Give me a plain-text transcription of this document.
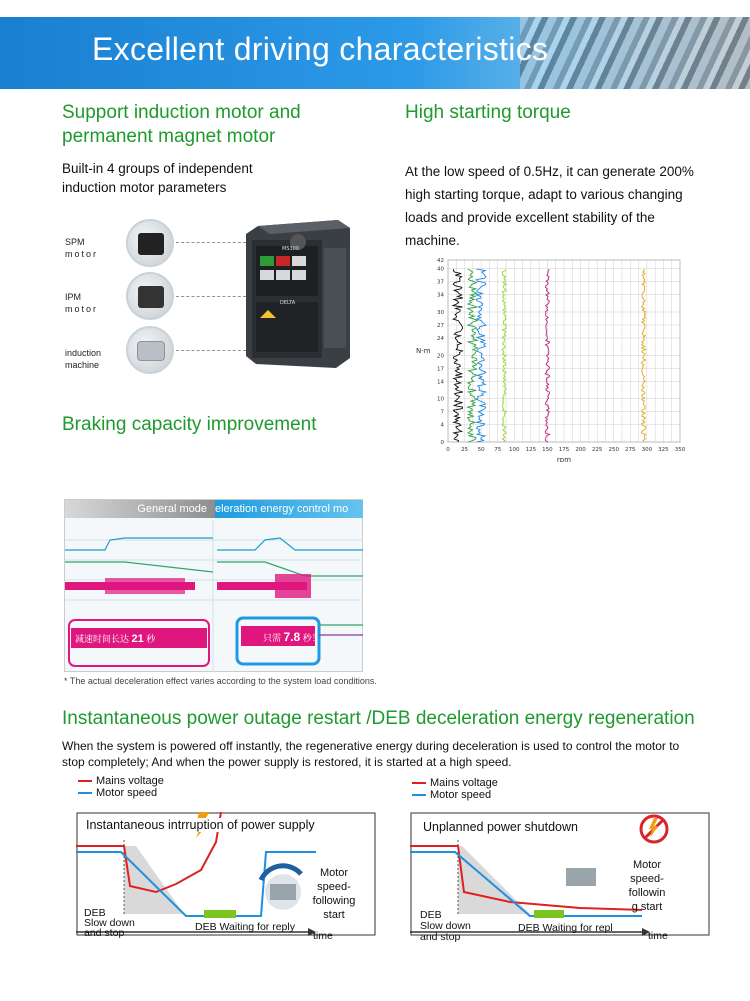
Excellent driving characteristics
Support induction motor and
permanent magnet motor
Built-in 4 groups of independent
induction motor parameters
SPM
motor
IPM
motor
induction
machine
DELTA
MS300
High starting torque
At the low speed of 0.5Hz, it can generate 200%
high starting torque, adapt to various changing
loads and provide excellent stability of the
machine.
0
4
7
10
14
17
20
24
27
30
34
37
40
42
0 25 50 75 100 125 150 175 200 225 250 275 300 325 350
rpm
N-m
Braking capacity improvement
General mode eleration energy control mo
减速时间长达 21 秒	只需 7.8 秒！
* The actual deceleration effect varies according to the system load conditions.
Instantaneous power outage restart /DEB deceleration energy regeneration
When the system is powered off instantly, the regenerative energy during deceleration is used to control the motor to
stop completely; And when the power supply is restored, it is started at a high speed.
Mains voltage
Motor speed
Instantaneous intrruption of power supply
DEB
Slow down
and stop	DEB Waiting for reply
time
Motor
speed-
following
start
Mains voltage
Motor speed
Unplanned power shutdown
DEB
Slow down
and stop
DEB Waiting for repl
time
Motor
speed-
followin
g start
